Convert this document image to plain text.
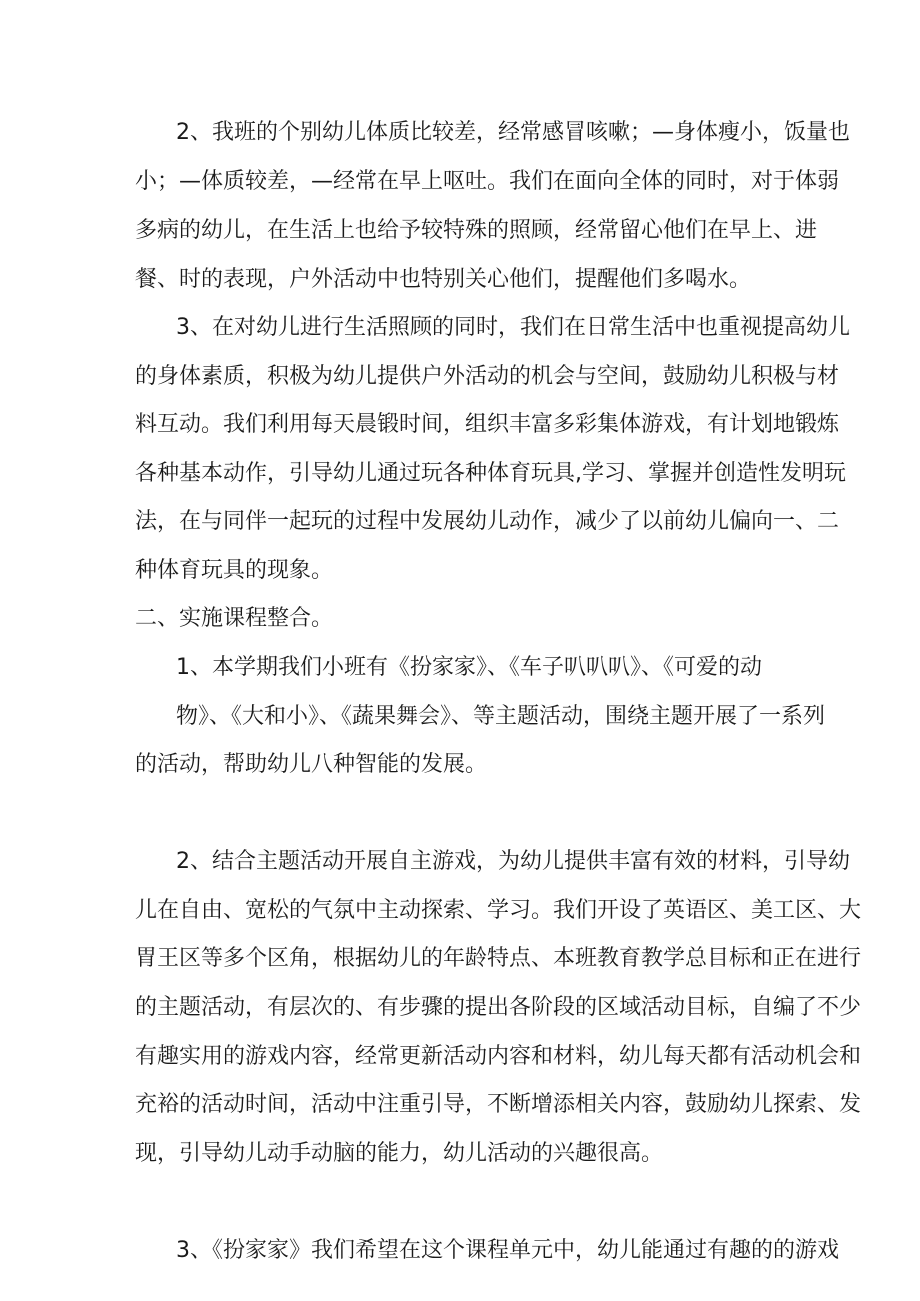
2、我班的个别幼儿体质比较差，经常感冒咳嗽；—身体瘦小，饭量也

小；—体质较差，—经常在早上呕吐。我们在面向全体的同时，对于体弱

多病的幼儿，在生活上也给予较特殊的照顾，经常留心他们在早上、进

餐、时的表现，户外活动中也特别关心他们，提醒他们多喝水。

3、在对幼儿进行生活照顾的同时，我们在日常生活中也重视提高幼儿

的身体素质，积极为幼儿提供户外活动的机会与空间，鼓励幼儿积极与材

料互动。我们利用每天晨锻时间，组织丰富多彩集体游戏，有计划地锻炼

各种基本动作，引导幼儿通过玩各种体育玩具,学习、掌握并创造性发明玩

法，在与同伴一起玩的过程中发展幼儿动作，减少了以前幼儿偏向一、二

种体育玩具的现象。

二、实施课程整合。

1、本学期我们小班有《扮家家》、《车子叭叭叭》、《可爱的动

物》、《大和小》、《蔬果舞会》、等主题活动，围绕主题开展了一系列

的活动，帮助幼儿八种智能的发展。

2、结合主题活动开展自主游戏，为幼儿提供丰富有效的材料，引导幼

儿在自由、宽松的气氛中主动探索、学习。我们开设了英语区、美工区、大

胃王区等多个区角，根据幼儿的年龄特点、本班教育教学总目标和正在进行

的主题活动，有层次的、有步骤的提出各阶段的区域活动目标，自编了不少

有趣实用的游戏内容，经常更新活动内容和材料，幼儿每天都有活动机会和

充裕的活动时间，活动中注重引导，不断增添相关内容，鼓励幼儿探索、发

现，引导幼儿动手动脑的能力，幼儿活动的兴趣很高。

3、《扮家家》我们希望在这个课程单元中，幼儿能通过有趣的的游戏
